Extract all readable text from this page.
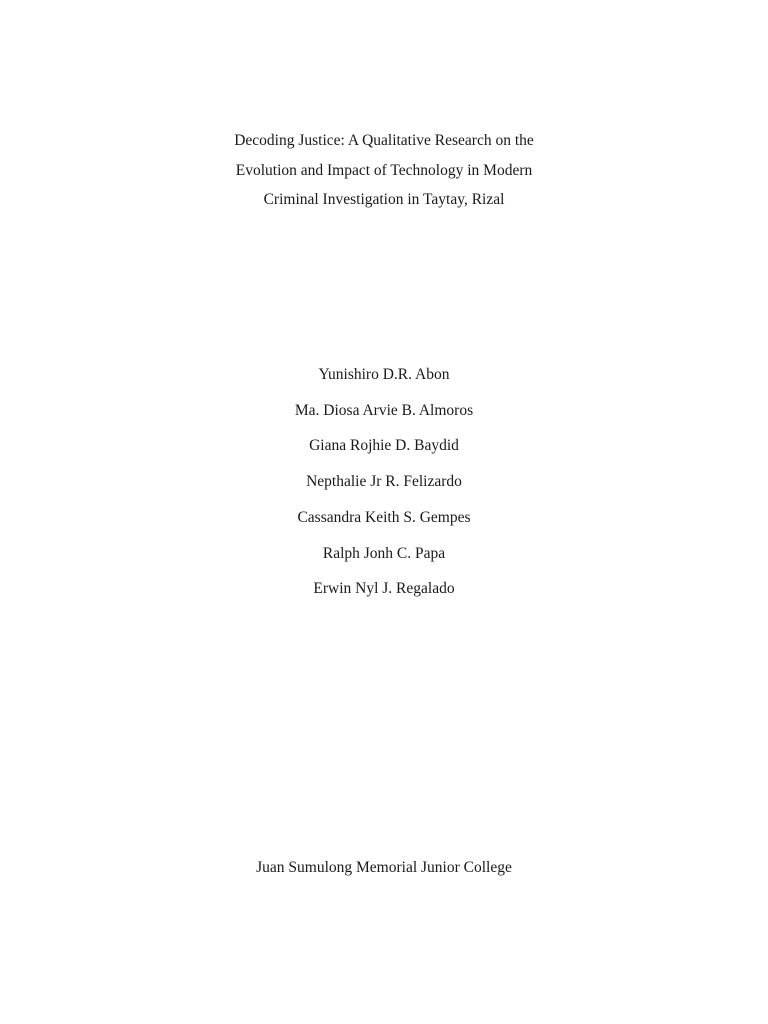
Decoding Justice: A Qualitative Research on the
Evolution and Impact of Technology in Modern
Criminal Investigation in Taytay, Rizal
Yunishiro D.R. Abon
Ma. Diosa Arvie B. Almoros
Giana Rojhie D. Baydid
Nepthalie Jr R. Felizardo
Cassandra Keith S. Gempes
Ralph Jonh C. Papa
Erwin Nyl J. Regalado
Juan Sumulong Memorial Junior College
